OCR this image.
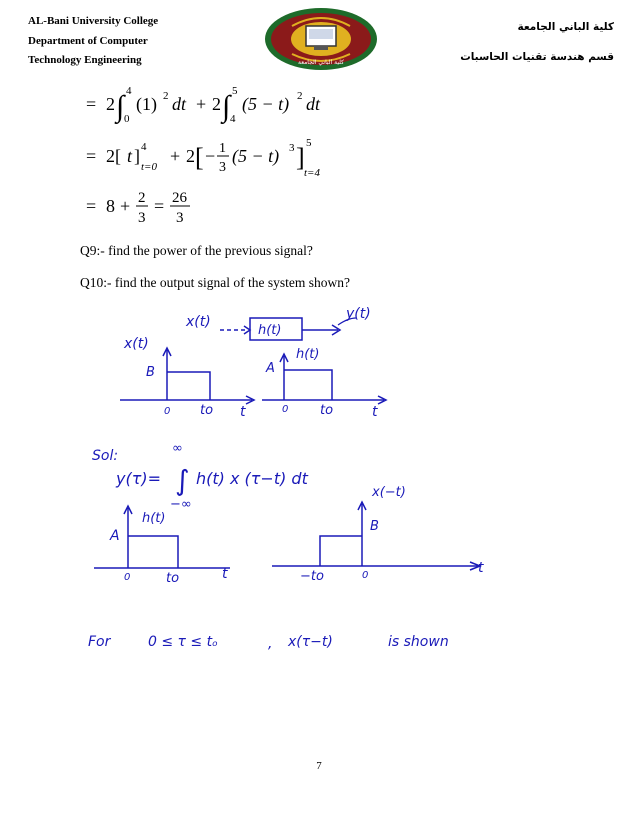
AL-Bani University College
Department of Computer
Technology Engineering	كلية الباني الجامعة
كلية الباني الجامعة
قسم هندسة تقنيات الحاسبات
= 2 ∫ 4
0
(1) 2 dt + 2 ∫ 5
4
(5 − t) 2 dt
= 2[ t ] 4
t=0
+ 2 [ − 1
3
(5 − t) 3 ] 5
t=4
= 8 + 2
3
= 26
3
Q9:- find the power of the previous signal?
Q10:- find the output signal of the system shown?
x(t)
h(t)
y(t)
x(t)
B
0 to t
h(t)
A
0 to	t
Sol:
y(τ)=
∞
∫
−∞
h(t) x (τ−t) dt
h(t)
A
0	to	t
x(−t)
B
−to	0	t
For	0 ≤ τ ≤ tₒ	, x(τ−t)	is shown
7
